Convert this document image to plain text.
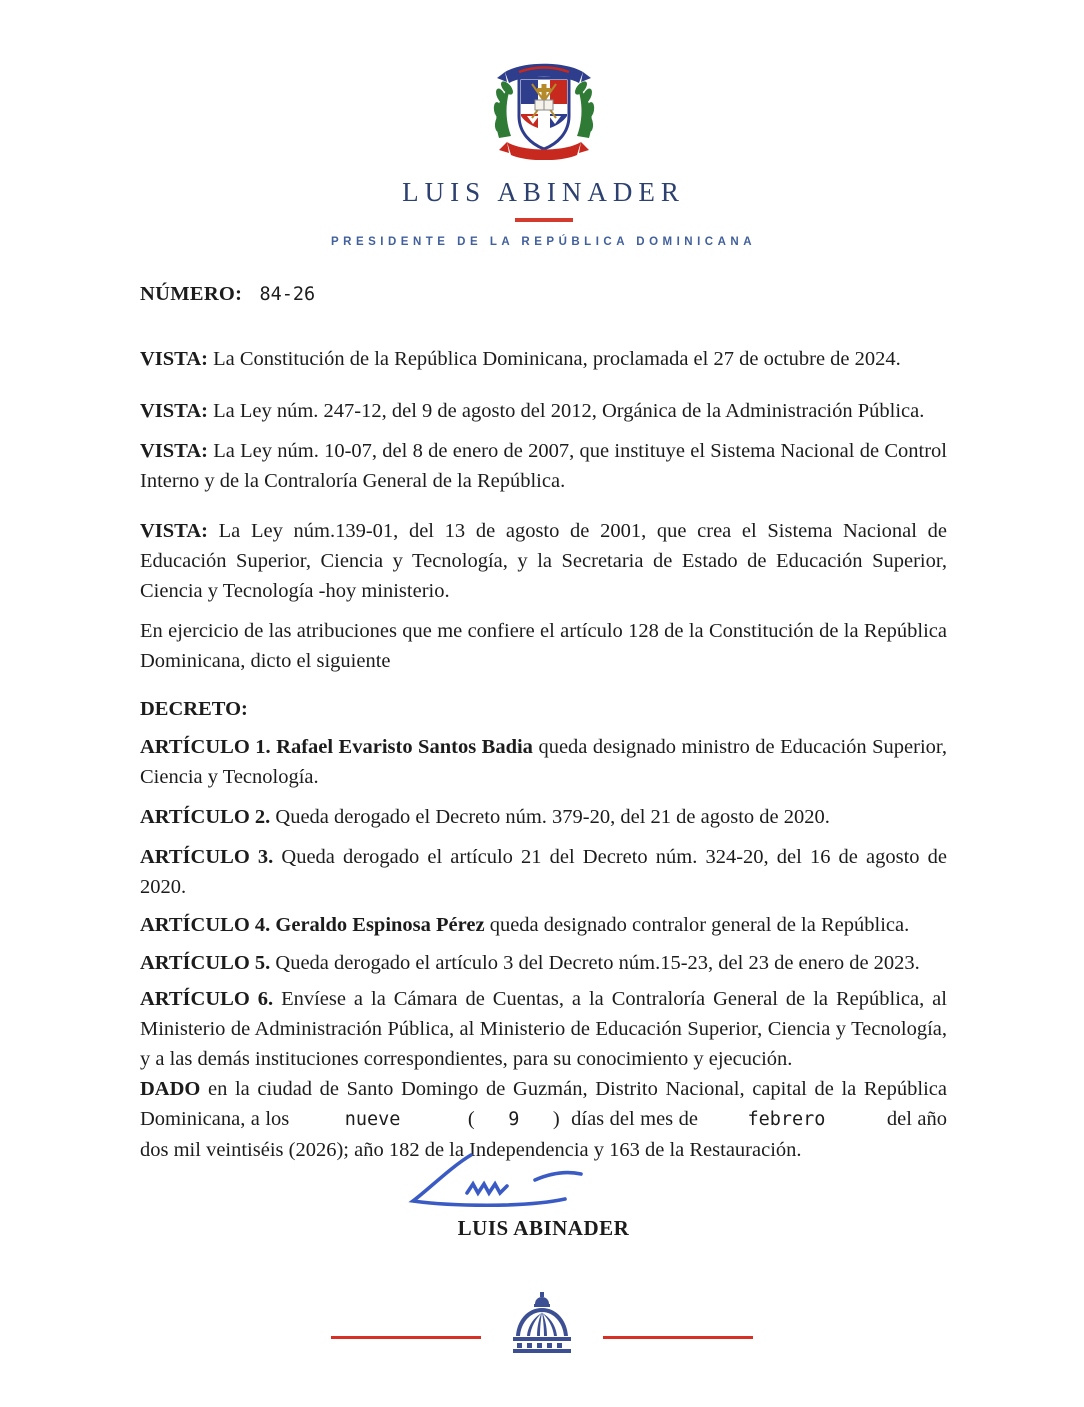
LUIS ABINADER
PRESIDENTE DE LA REPÚBLICA DOMINICANA
NÚMERO: 84-26

VISTA: La Constitución de la República Dominicana, proclamada el 27 de octubre de 2024.

VISTA: La Ley núm. 247-12, del 9 de agosto del 2012, Orgánica de la Administración Pública.

VISTA: La Ley núm. 10-07, del 8 de enero de 2007, que instituye el Sistema Nacional de Control Interno y de la Contraloría General de la República.

VISTA: La Ley núm.139-01, del 13 de agosto de 2001, que crea el Sistema Nacional de Educación Superior, Ciencia y Tecnología, y la Secretaria de Estado de Educación Superior, Ciencia y Tecnología -hoy ministerio.

En ejercicio de las atribuciones que me confiere el artículo 128 de la Constitución de la República Dominicana, dicto el siguiente

DECRETO:

ARTÍCULO 1. Rafael Evaristo Santos Badia queda designado ministro de Educación Superior, Ciencia y Tecnología.

ARTÍCULO 2. Queda derogado el Decreto núm. 379-20, del 21 de agosto de 2020.

ARTÍCULO 3. Queda derogado el artículo 21 del Decreto núm. 324-20, del 16 de agosto de 2020.

ARTÍCULO 4. Geraldo Espinosa Pérez queda designado contralor general de la República.

ARTÍCULO 5. Queda derogado el artículo 3 del Decreto núm.15-23, del 23 de enero de 2023.

ARTÍCULO 6. Envíese a la Cámara de Cuentas, a la Contraloría General de la República, al Ministerio de Administración Pública, al Ministerio de Educación Superior, Ciencia y Tecnología, y a las demás instituciones correspondientes, para su conocimiento y ejecución.

DADO en la ciudad de Santo Domingo de Guzmán, Distrito Nacional, capital de la República Dominicana, a los	nueve	( 9 ) días del mes de	febrero	del año dos mil veintiséis (2026); año 182 de la Independencia y 163 de la Restauración.

LUIS ABINADER
